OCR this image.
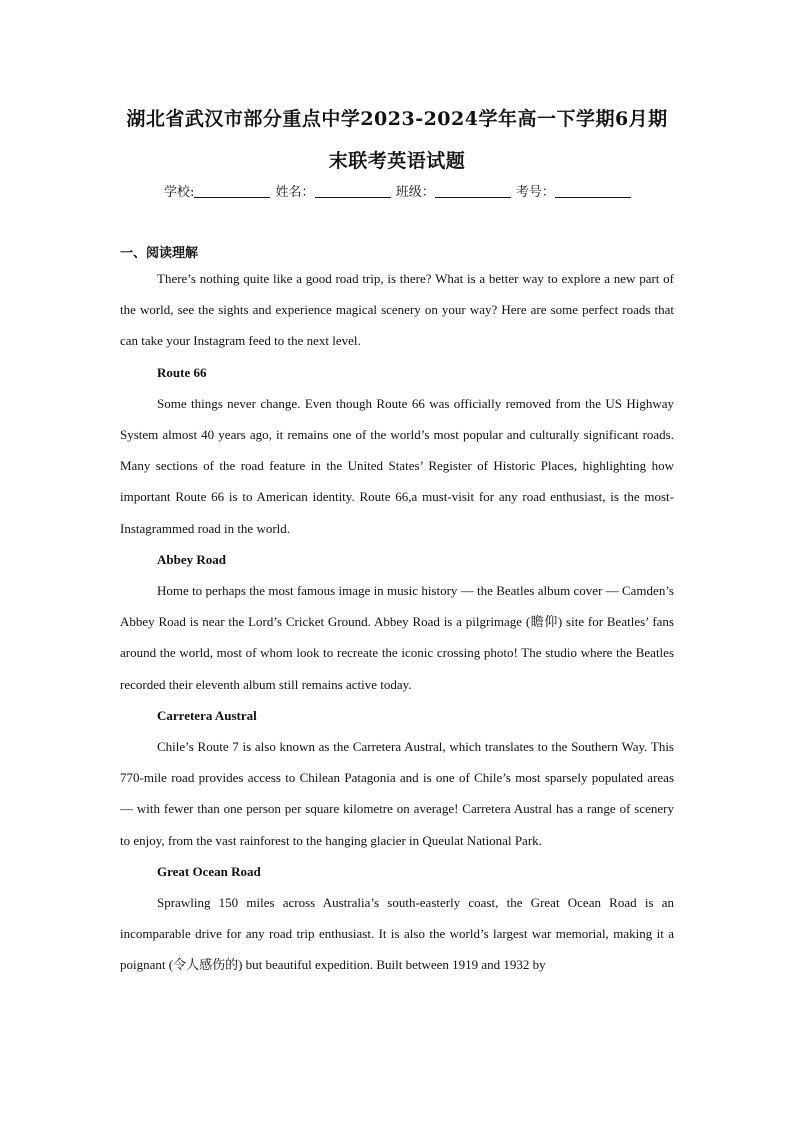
湖北省武汉市部分重点中学2023-2024学年高一下学期6月期
末联考英语试题
学校:	姓名：	班级：	考号：
一、阅读理解

There’s nothing quite like a good road trip, is there? What is a better way to explore a new part of the world, see the sights and experience magical scenery on your way? Here are some perfect roads that can take your Instagram feed to the next level.

Route 66

Some things never change. Even though Route 66 was officially removed from the US Highway System almost 40 years ago, it remains one of the world’s most popular and culturally significant roads. Many sections of the road feature in the United States’ Register of Historic Places, highlighting how important Route 66 is to American identity. Route 66,a must-visit for any road enthusiast, is the most-Instagrammed road in the world.

Abbey Road

Home to perhaps the most famous image in music history — the Beatles album cover — Camden’s Abbey Road is near the Lord’s Cricket Ground. Abbey Road is a pilgrimage (瞻仰) site for Beatles’ fans around the world, most of whom look to recreate the iconic crossing photo! The studio where the Beatles recorded their eleventh album still remains active today.

Carretera Austral

Chile’s Route 7 is also known as the Carretera Austral, which translates to the Southern Way. This 770-mile road provides access to Chilean Patagonia and is one of Chile’s most sparsely populated areas — with fewer than one person per square kilometre on average! Carretera Austral has a range of scenery to enjoy, from the vast rainforest to the hanging glacier in Queulat National Park.

Great Ocean Road

Sprawling 150 miles across Australia’s south-easterly coast, the Great Ocean Road is an incomparable drive for any road trip enthusiast. It is also the world’s largest war memorial, making it a poignant (令人感伤的) but beautiful expedition. Built between 1919 and 1932 by
